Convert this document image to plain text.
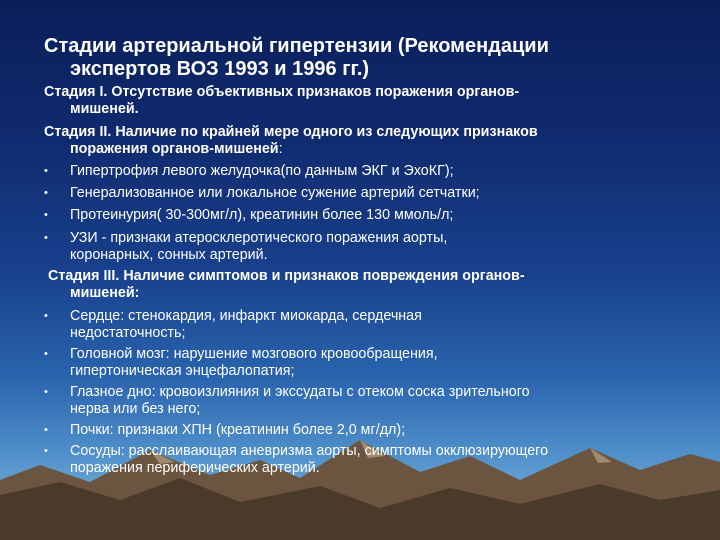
Стадии артериальной гипертензии (Рекомендации
экспертов ВОЗ 1993 и 1996 гг.)
Стадия I. Отсутствие объективных признаков поражения органов-
мишеней.
Стадия II. Наличие по крайней мере одного из следующих признаков
поражения органов-мишеней:
•	Гипертрофия левого желудочка(по данным ЭКГ и ЭхоКГ);
•	Генерализованное или локальное сужение артерий сетчатки;
•	Протеинурия( 30-300мг/л), креатинин более 130 ммоль/л;
•	УЗИ - признаки атеросклеротического поражения аорты,
коронарных, сонных артерий.
Стадия III. Наличие симптомов и признаков повреждения органов-
мишеней:
•	Сердце: стенокардия, инфаркт миокарда, сердечная
недостаточность;
•	Головной мозг: нарушение мозгового кровообращения,
гипертоническая энцефалопатия;
•	Глазное дно: кровоизлияния и экссудаты с отеком соска зрительного
нерва или без него;
•	Почки: признаки ХПН (креатинин более 2,0 мг/дл);
•	Сосуды: расслаивающая аневризма аорты, симптомы окклюзирующего
поражения периферических артерий.
